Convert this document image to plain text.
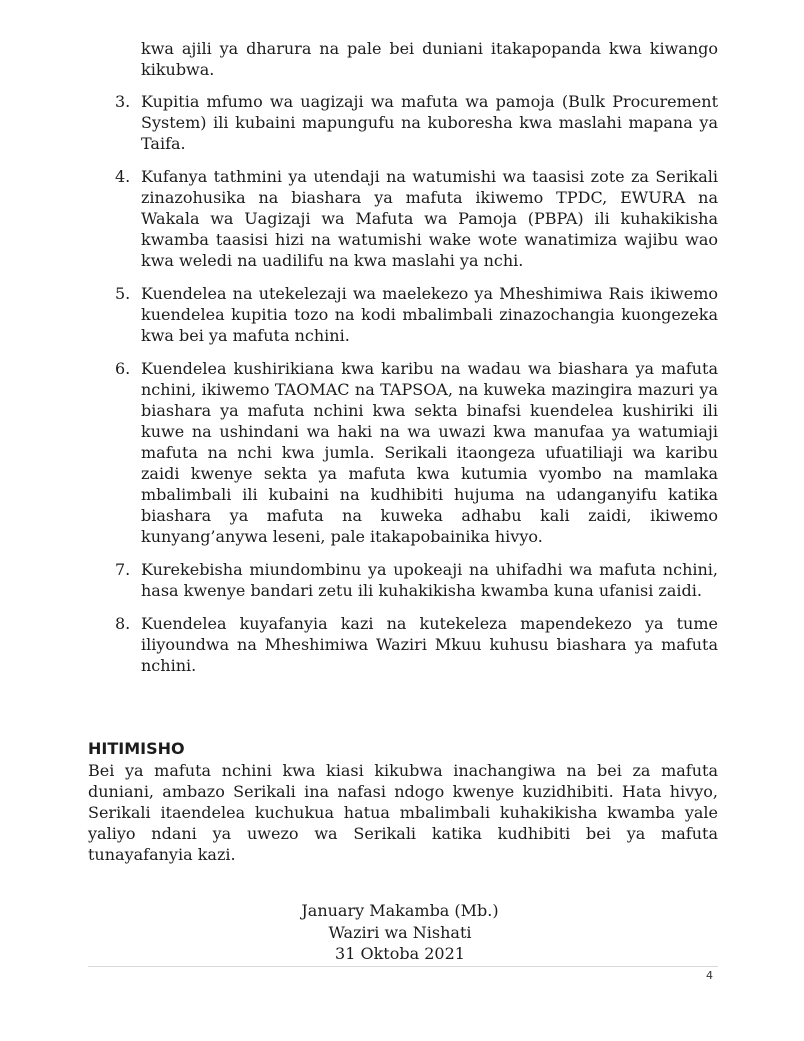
kwa ajili ya dharura na pale bei duniani itakapopanda kwa kiwango kikubwa.
3. Kupitia mfumo wa uagizaji wa mafuta wa pamoja (Bulk Procurement System) ili kubaini mapungufu na kuboresha kwa maslahi mapana ya Taifa.
4. Kufanya tathmini ya utendaji na watumishi wa taasisi zote za Serikali zinazohusika na biashara ya mafuta ikiwemo TPDC, EWURA na Wakala wa Uagizaji wa Mafuta wa Pamoja (PBPA) ili kuhakikisha kwamba taasisi hizi na watumishi wake wote wanatimiza wajibu wao kwa weledi na uadilifu na kwa maslahi ya nchi.
5. Kuendelea na utekelezaji wa maelekezo ya Mheshimiwa Rais ikiwemo kuendelea kupitia tozo na kodi mbalimbali zinazochangia kuongezeka kwa bei ya mafuta nchini.
6. Kuendelea kushirikiana kwa karibu na wadau wa biashara ya mafuta nchini, ikiwemo TAOMAC na TAPSOA, na kuweka mazingira mazuri ya biashara ya mafuta nchini kwa sekta binafsi kuendelea kushiriki ili kuwe na ushindani wa haki na wa uwazi kwa manufaa ya watumiaji mafuta na nchi kwa jumla. Serikali itaongeza ufuatiliaji wa karibu zaidi kwenye sekta ya mafuta kwa kutumia vyombo na mamlaka mbalimbali ili kubaini na kudhibiti hujuma na udanganyifu katika biashara ya mafuta na kuweka adhabu kali zaidi, ikiwemo kunyang’anywa leseni, pale itakapobainika hivyo.
7. Kurekebisha miundombinu ya upokeaji na uhifadhi wa mafuta nchini, hasa kwenye bandari zetu ili kuhakikisha kwamba kuna ufanisi zaidi.
8. Kuendelea kuyafanyia kazi na kutekeleza mapendekezo ya tume iliyoundwa na Mheshimiwa Waziri Mkuu kuhusu biashara ya mafuta nchini.
HITIMISHO

Bei ya mafuta nchini kwa kiasi kikubwa inachangiwa na bei za mafuta duniani, ambazo Serikali ina nafasi ndogo kwenye kuzidhibiti. Hata hivyo, Serikali itaendelea kuchukua hatua mbalimbali kuhakikisha kwamba yale yaliyo ndani ya uwezo wa Serikali katika kudhibiti bei ya mafuta tunayafanyia kazi.

January Makamba (Mb.)
Waziri wa Nishati
31 Oktoba 2021
4
